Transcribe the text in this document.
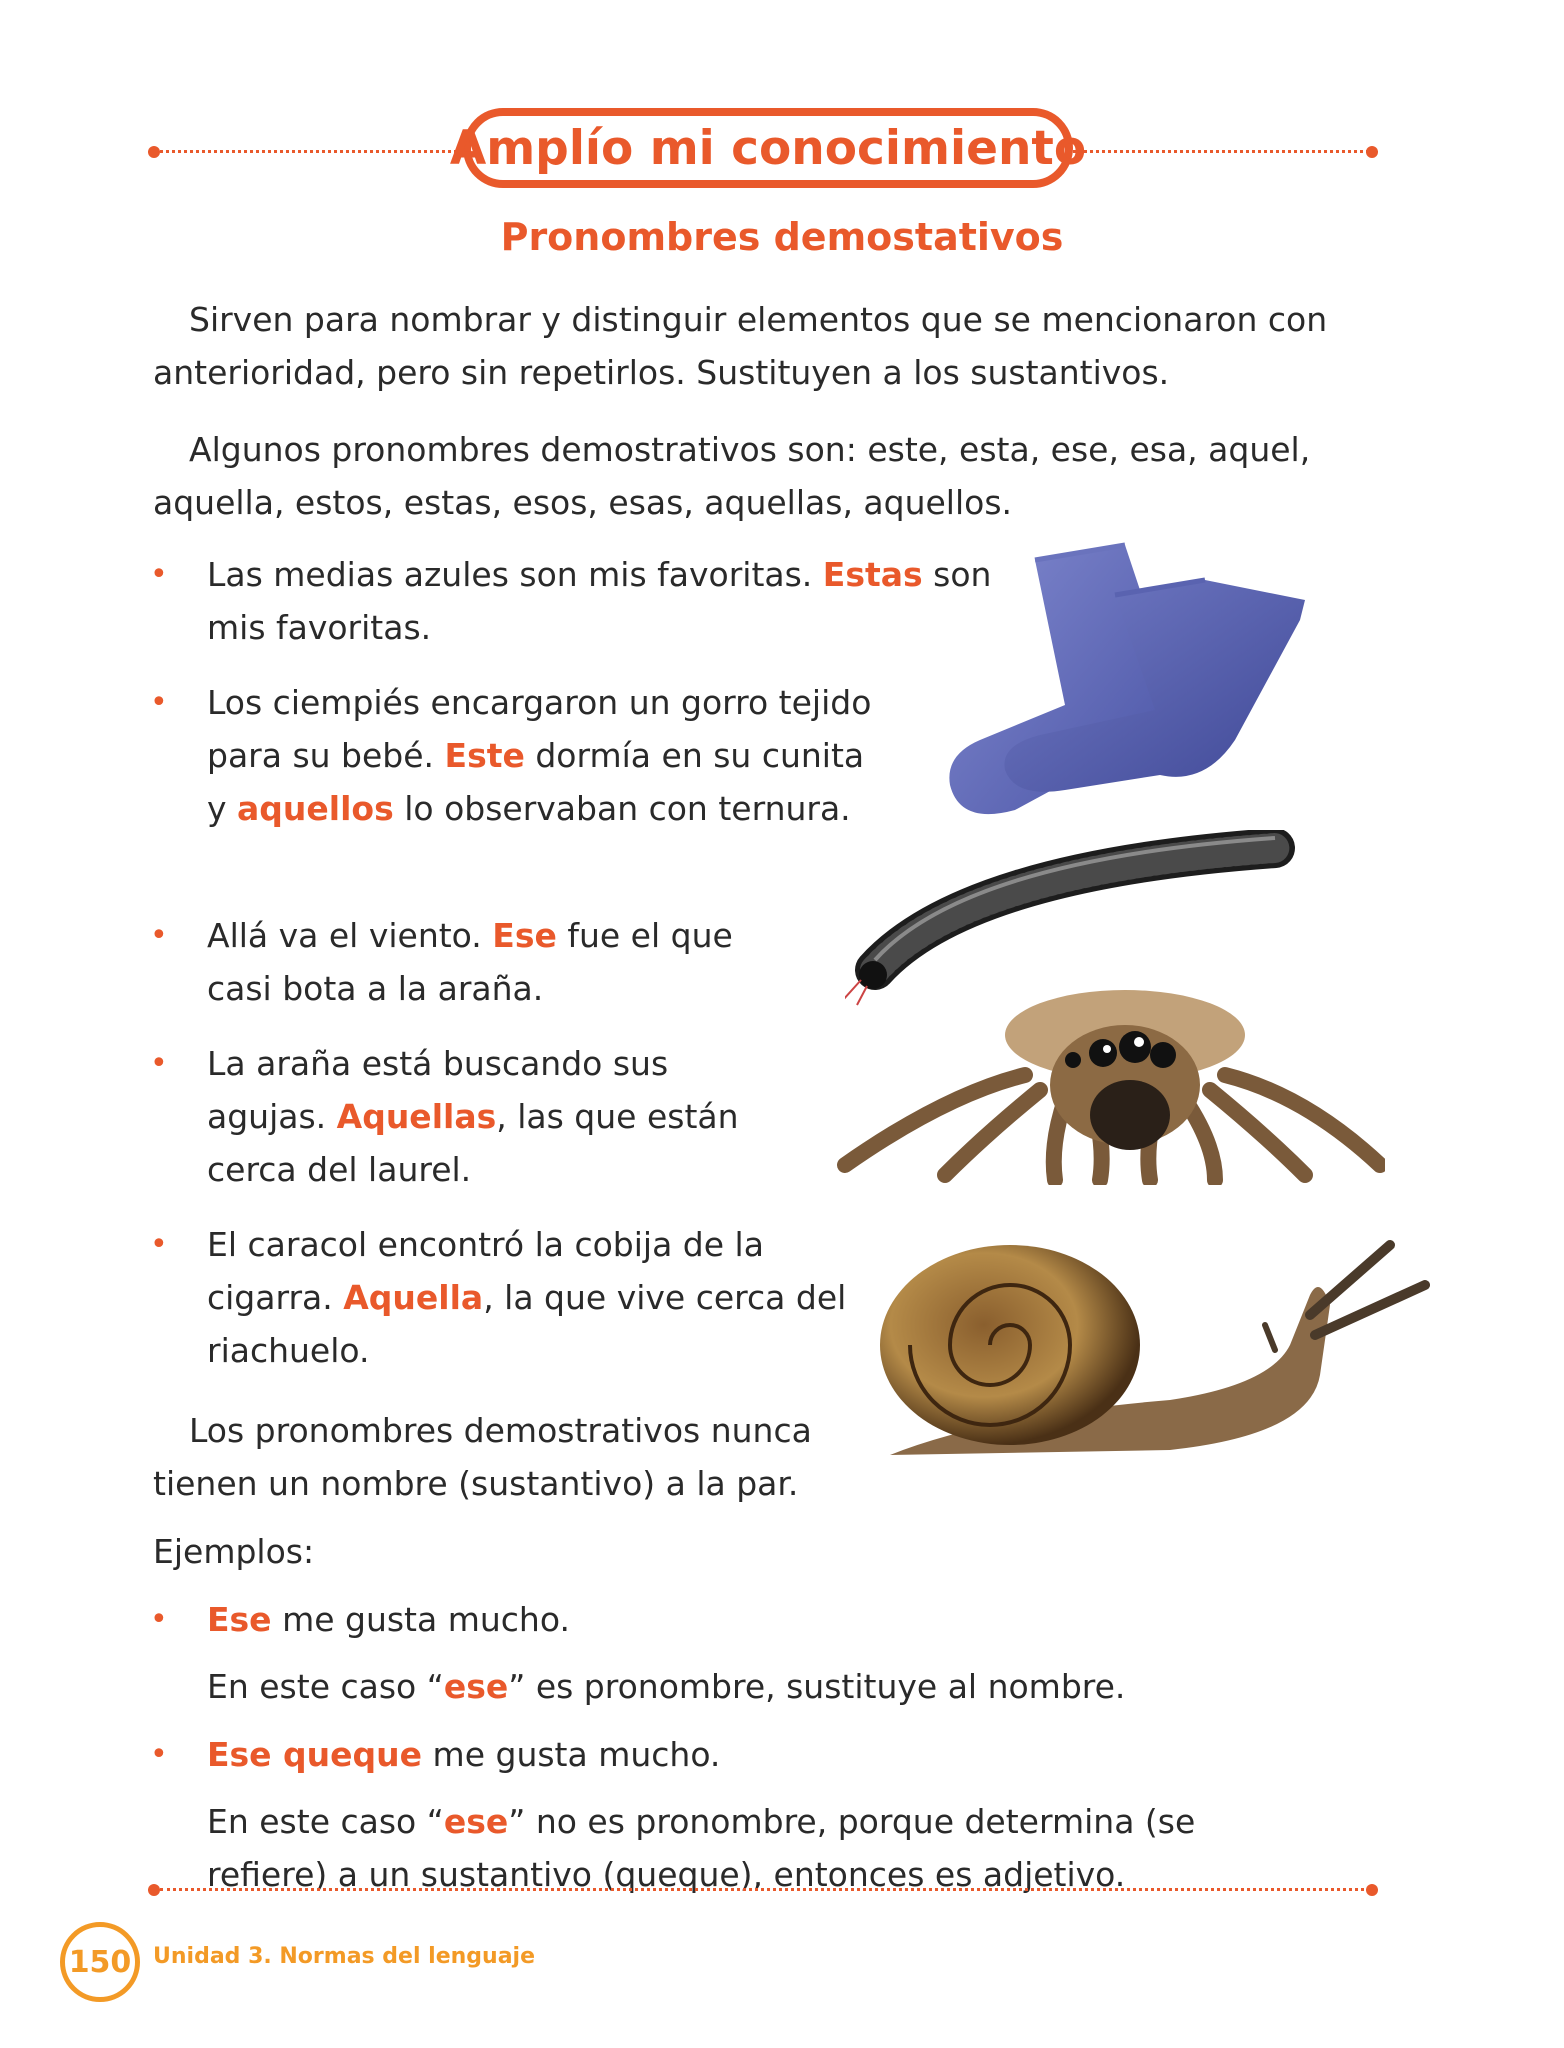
Amplío mi conocimiento
Pronombres demostativos

Sirven para nombrar y distinguir elementos que se mencionaron con anterioridad, pero sin repetirlos. Sustituyen a los sustantivos.

Algunos pronombres demostrativos son: este, esta, ese, esa, aquel, aquella, estos, estas, esos, esas, aquellas, aquellos.

• Las medias azules son mis favoritas. Estas son mis favoritas.

• Los ciempiés encargaron un gorro tejido para su bebé. Este dormía en su cunita y aquellos lo observaban con ternura.

• Allá va el viento. Ese fue el que casi bota a la araña.

• La araña está buscando sus agujas. Aquellas, las que están cerca del laurel.

• El caracol encontró la cobija de la cigarra. Aquella, la que vive cerca del riachuelo.

Los pronombres demostrativos nunca tienen un nombre (sustantivo) a la par.

Ejemplos:
• Ese me gusta mucho.

En este caso “ese” es pronombre, sustituye al nombre.

• Ese queque me gusta mucho.

En este caso “ese” no es pronombre, porque determina (se refiere) a un sustantivo (queque), entonces es adjetivo.

150 Unidad 3. Normas del lenguaje
